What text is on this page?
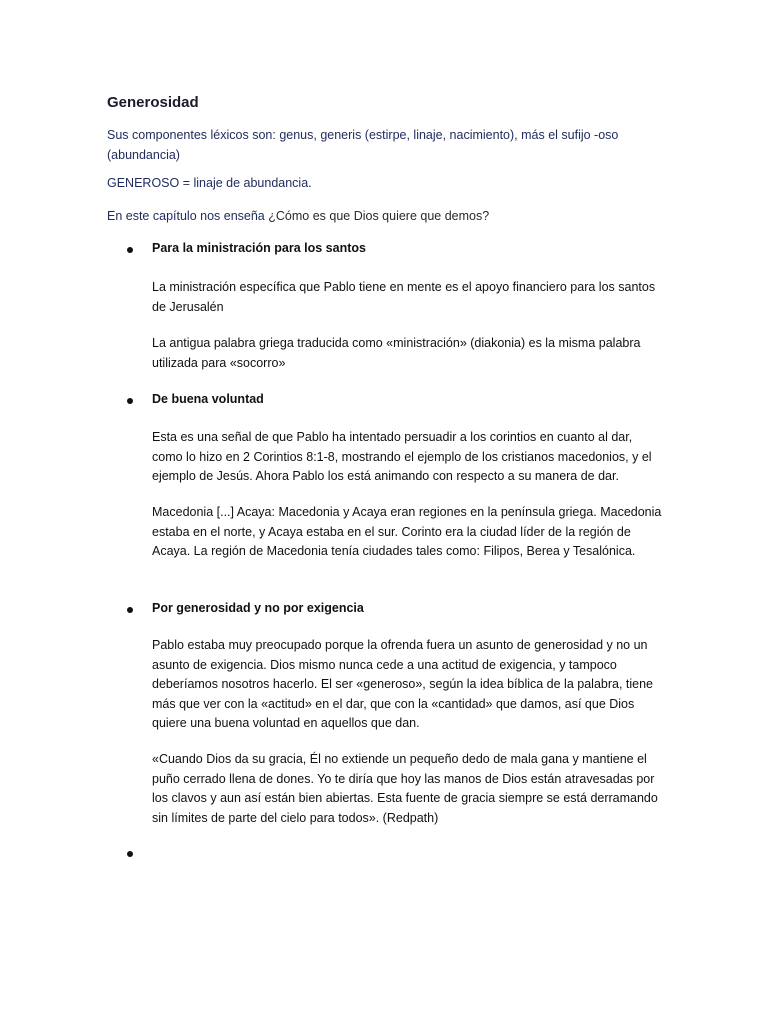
Generosidad

Sus componentes léxicos son: genus, generis (estirpe, linaje, nacimiento), más el sufijo -oso (abundancia)

GENEROSO = linaje de abundancia.

En este capítulo nos enseña ¿Cómo es que Dios quiere que demos?

Para la ministración para los santos

La ministración específica que Pablo tiene en mente es el apoyo financiero para los santos de Jerusalén

La antigua palabra griega traducida como «ministración» (diakonia) es la misma palabra utilizada para «socorro»

De buena voluntad

Esta es una señal de que Pablo ha intentado persuadir a los corintios en cuanto al dar, como lo hizo en 2 Corintios 8:1-8, mostrando el ejemplo de los cristianos macedonios, y el ejemplo de Jesús. Ahora Pablo los está animando con respecto a su manera de dar.

Macedonia [...] Acaya: Macedonia y Acaya eran regiones en la península griega. Macedonia estaba en el norte, y Acaya estaba en el sur. Corinto era la ciudad líder de la región de Acaya. La región de Macedonia tenía ciudades tales como: Filipos, Berea y Tesalónica.

Por generosidad y no por exigencia

Pablo estaba muy preocupado porque la ofrenda fuera un asunto de generosidad y no un asunto de exigencia. Dios mismo nunca cede a una actitud de exigencia, y tampoco deberíamos nosotros hacerlo. El ser «generoso», según la idea bíblica de la palabra, tiene más que ver con la «actitud» en el dar, que con la «cantidad» que damos, así que Dios quiere una buena voluntad en aquellos que dan.

«Cuando Dios da su gracia, Él no extiende un pequeño dedo de mala gana y mantiene el puño cerrado llena de dones. Yo te diría que hoy las manos de Dios están atravesadas por los clavos y aun así están bien abiertas. Esta fuente de gracia siempre se está derramando sin límites de parte del cielo para todos». (Redpath)
